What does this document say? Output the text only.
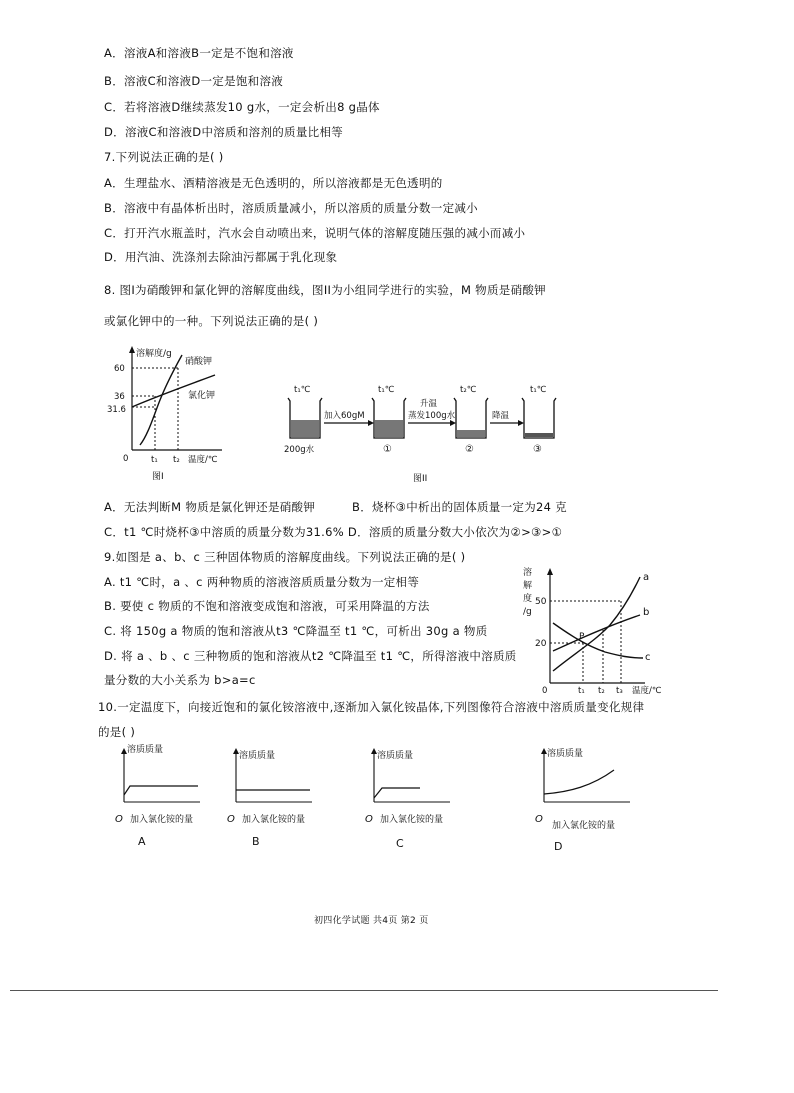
A．溶液A和溶液B一定是不饱和溶液
B．溶液C和溶液D一定是饱和溶液
C．若将溶液D继续蒸发10 g水，一定会析出8 g晶体
D．溶液C和溶液D中溶质和溶剂的质量比相等
7.下列说法正确的是( )
A．生理盐水、酒精溶液是无色透明的，所以溶液都是无色透明的
B．溶液中有晶体析出时，溶质质量减小，所以溶质的质量分数一定减小
C．打开汽水瓶盖时，汽水会自动喷出来，说明气体的溶解度随压强的减小而减小
D．用汽油、洗涤剂去除油污都属于乳化现象
8. 图I为硝酸钾和氯化钾的溶解度曲线，图II为小组同学进行的实验，M 物质是硝酸钾
或氯化钾中的一种。下列说法正确的是( )
溶解度/g
60
36
31.6
0	t₁ t₂ 温度/℃
硝酸钾
氯化钾
图I
t₁℃	t₁℃	t₂℃	t₁℃
加入60gM
升温
蒸发100g水	降温
200g水	①	②	③
图II
A．无法判断M 物质是氯化钾还是硝酸钾	B．烧杯③中析出的固体质量一定为24 克
C．t1 ℃时烧杯③中溶质的质量分数为31.6% D．溶质的质量分数大小依次为②>③>①
9.如图是 a、b、c 三种固体物质的溶解度曲线。下列说法正确的是( )
A. t1 ℃时，a 、c 两种物质的溶液溶质质量分数为一定相等
B. 要使 c 物质的不饱和溶液变成饱和溶液，可采用降温的方法
C. 将 150g a 物质的饱和溶液从t3 ℃降温至 t1 ℃，可析出 30g a 物质
D. 将 a 、b 、c 三种物质的饱和溶液从t2 ℃降温至 t1 ℃，所得溶液中溶质质
量分数的大小关系为 b>a=c
溶
解
度
/g
50
20
0	t₁ t₂ t₃ 温度/℃
P
a
b
c
10.一定温度下，向接近饱和的氯化铵溶液中,逐渐加入氯化铵晶体,下列图像符合溶液中溶质质量变化规律
的是( )
溶质质量
O 加入氯化铵的量
A
溶质质量
O 加入氯化铵的量
B
溶质质量
O 加入氯化铵的量
C
溶质质量
O
加入氯化铵的量
D
初四化学试题 共4页 第2 页
